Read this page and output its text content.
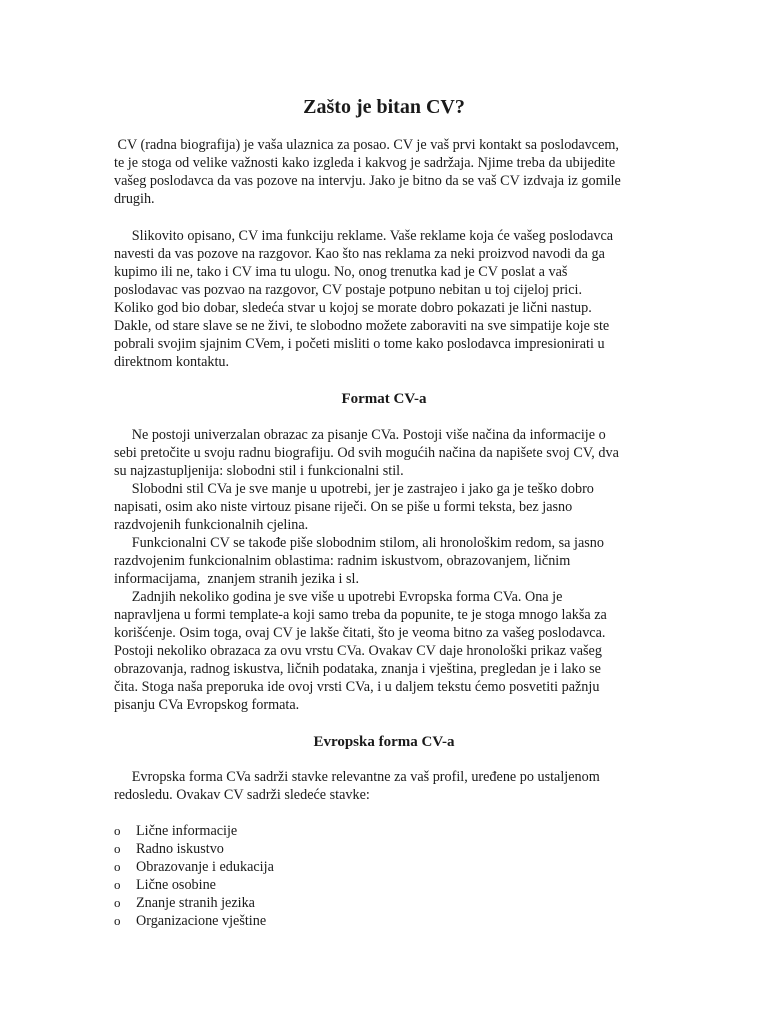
Zašto je bitan CV?
CV (radna biografija) je vaša ulaznica za posao. CV je vaš prvi kontakt sa poslodavcem,
te je stoga od velike važnosti kako izgleda i kakvog je sadržaja. Njime treba da ubijedite
vašeg poslodavca da vas pozove na intervju. Jako je bitno da se vaš CV izdvaja iz gomile
drugih.
Slikovito opisano, CV ima funkciju reklame. Vaše reklame koja će vašeg poslodavca
navesti da vas pozove na razgovor. Kao što nas reklama za neki proizvod navodi da ga
kupimo ili ne, tako i CV ima tu ulogu. No, onog trenutka kad je CV poslat a vaš
poslodavac vas pozvao na razgovor, CV postaje potpuno nebitan u toj cijeloj prici.
Koliko god bio dobar, sledeća stvar u kojoj se morate dobro pokazati je lični nastup.
Dakle, od stare slave se ne živi, te slobodno možete zaboraviti na sve simpatije koje ste
pobrali svojim sjajnim CVem, i početi misliti o tome kako poslodavca impresionirati u
direktnom kontaktu.
Format CV-a
Ne postoji univerzalan obrazac za pisanje CVa. Postoji više načina da informacije o
sebi pretočite u svoju radnu biografiju. Od svih mogućih načina da napišete svoj CV, dva
su najzastupljenija: slobodni stil i funkcionalni stil.
Slobodni stil CVa je sve manje u upotrebi, jer je zastrajeo i jako ga je teško dobro
napisati, osim ako niste virtouz pisane riječi. On se piše u formi teksta, bez jasno
razdvojenih funkcionalnih cjelina.
Funkcionalni CV se takođe piše slobodnim stilom, ali hronološkim redom, sa jasno
razdvojenim funkcionalnim oblastima: radnim iskustvom, obrazovanjem, ličnim
informacijama,  znanjem stranih jezika i sl.
Zadnjih nekoliko godina je sve više u upotrebi Evropska forma CVa. Ona je
napravljena u formi template-a koji samo treba da popunite, te je stoga mnogo lakša za
korišćenje. Osim toga, ovaj CV je lakše čitati, što je veoma bitno za vašeg poslodavca.
Postoji nekoliko obrazaca za ovu vrstu CVa. Ovakav CV daje hronološki prikaz vašeg
obrazovanja, radnog iskustva, ličnih podataka, znanja i vještina, pregledan je i lako se
čita. Stoga naša preporuka ide ovoj vrsti CVa, i u daljem tekstu ćemo posvetiti pažnju
pisanju CVa Evropskog formata.
Evropska forma CV-a
Evropska forma CVa sadrži stavke relevantne za vaš profil, uređene po ustaljenom
redosledu. Ovakav CV sadrži sledeće stavke:
o Lične informacije
o Radno iskustvo
o Obrazovanje i edukacija
o Lične osobine
o Znanje stranih jezika
o Organizacione vještine
